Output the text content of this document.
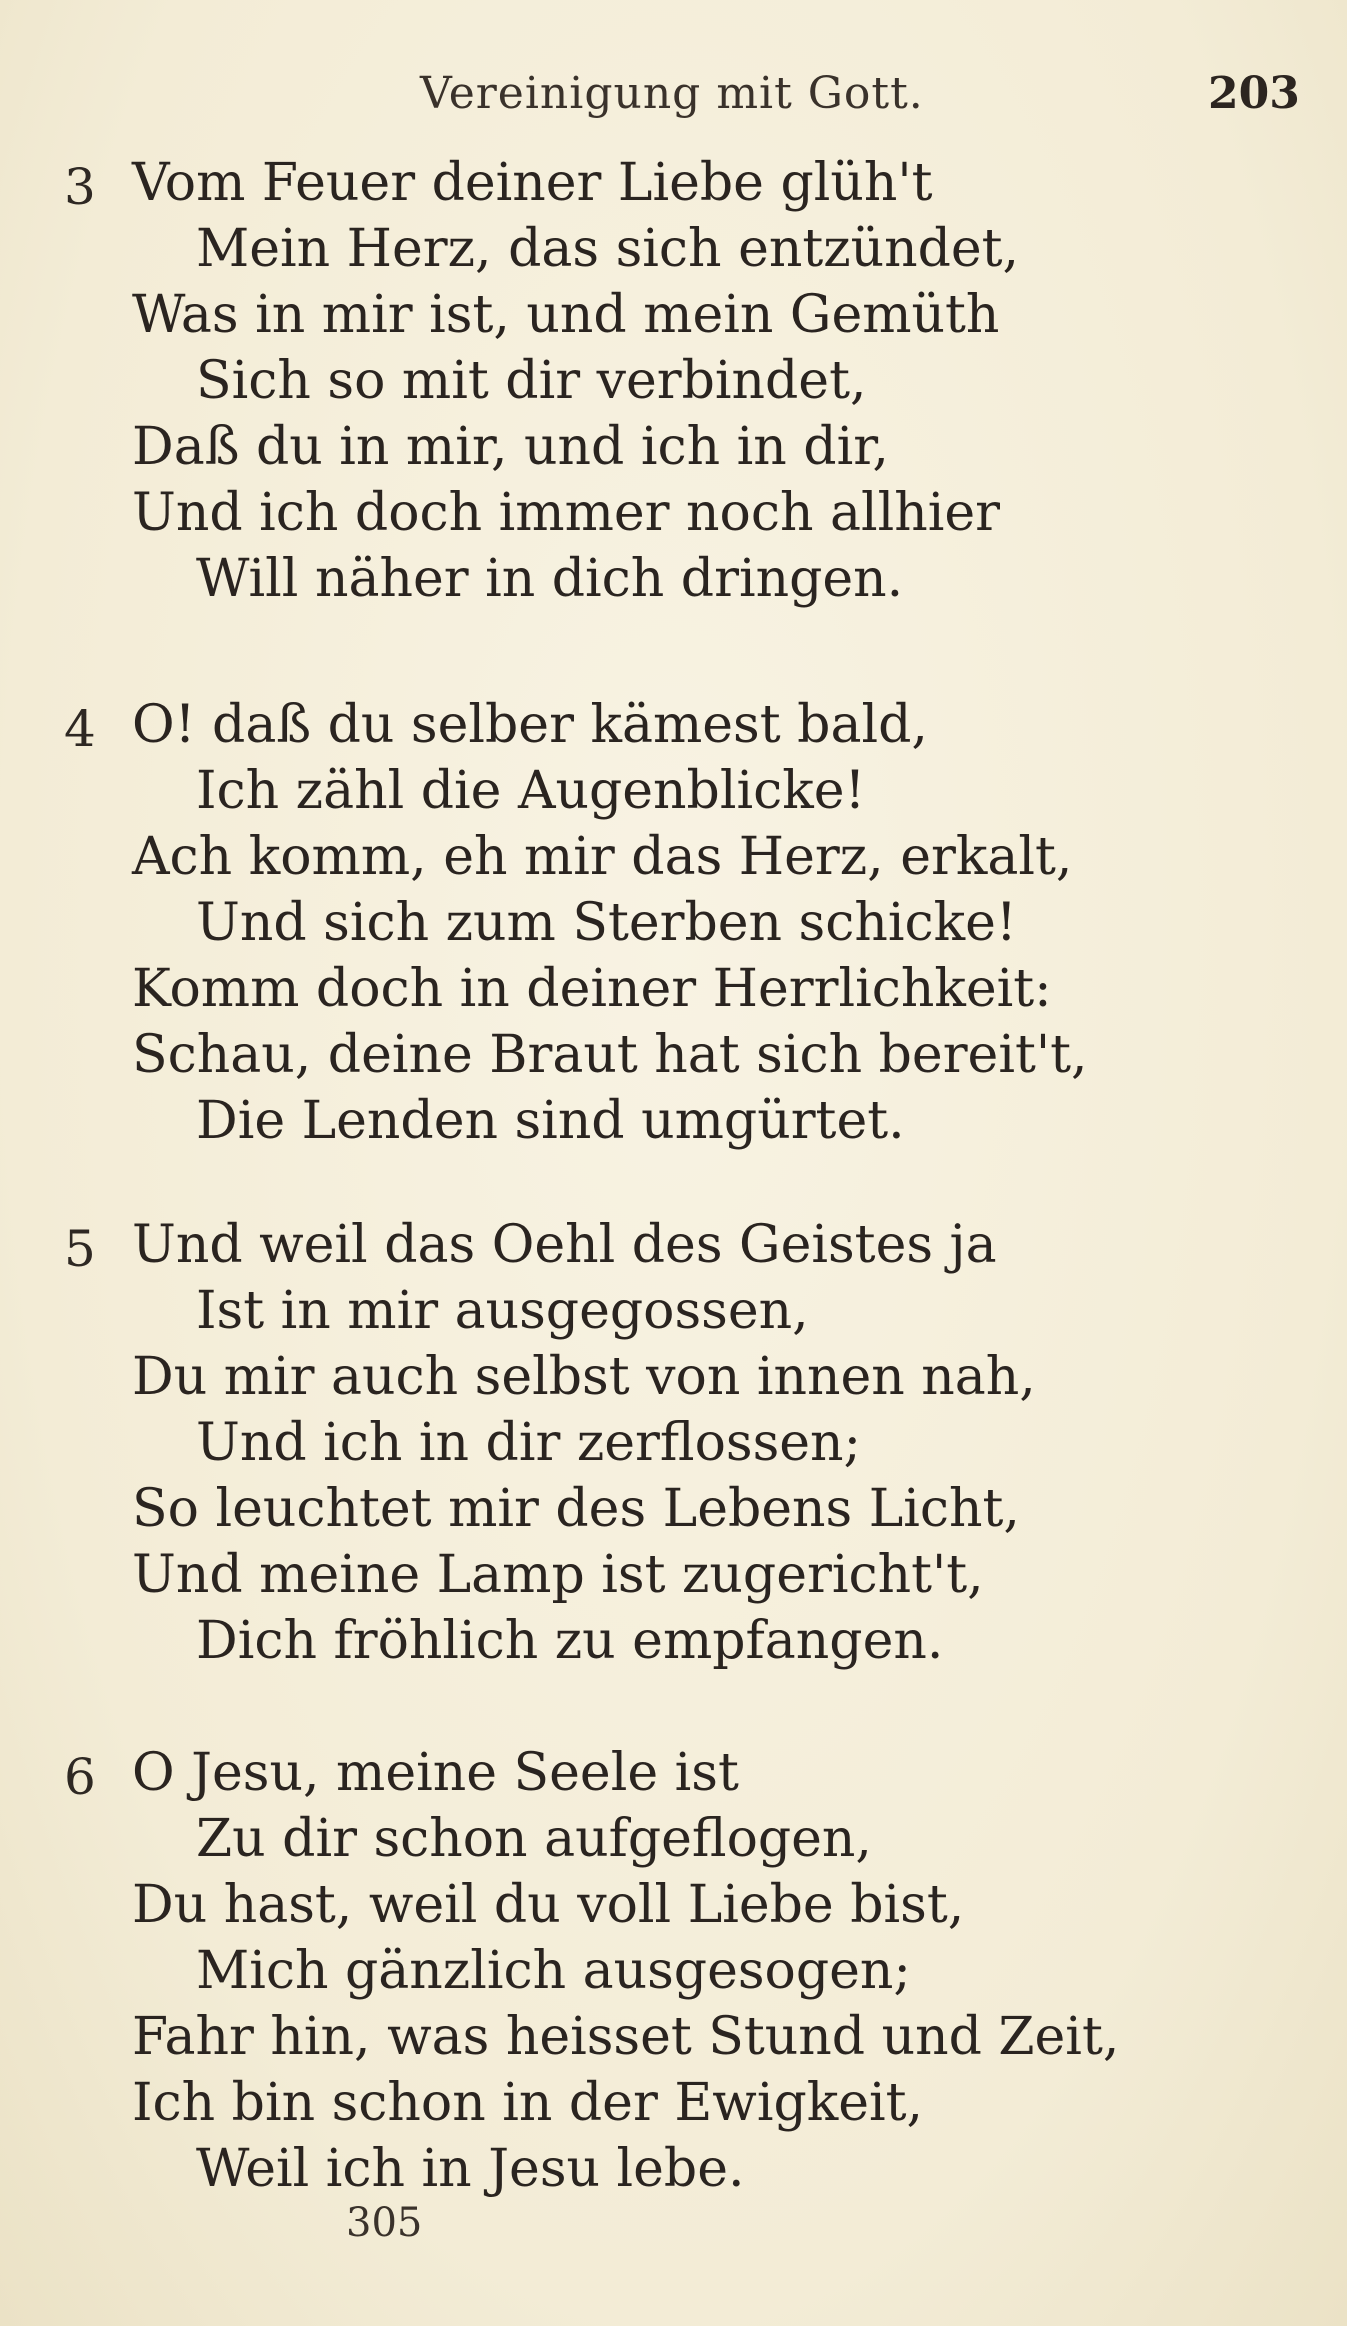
Vereinigung mit Gott.	203
3 Vom Feuer deiner Liebe glüh't
Mein Herz, das sich entzündet,
Was in mir ist, und mein Gemüth
Sich so mit dir verbindet,
Daß du in mir, und ich in dir,
Und ich doch immer noch allhier
Will näher in dich dringen.
4 O! daß du selber kämest bald,
Ich zähl die Augenblicke!
Ach komm, eh mir das Herz, erkalt,
Und sich zum Sterben schicke!
Komm doch in deiner Herrlichkeit:
Schau, deine Braut hat sich bereit't,
Die Lenden sind umgürtet.
5 Und weil das Oehl des Geistes ja
Ist in mir ausgegossen,
Du mir auch selbst von innen nah,
Und ich in dir zerflossen;
So leuchtet mir des Lebens Licht,
Und meine Lamp ist zugericht't,
Dich fröhlich zu empfangen.
6 O Jesu, meine Seele ist
Zu dir schon aufgeflogen,
Du hast, weil du voll Liebe bist,
Mich gänzlich ausgesogen;
Fahr hin, was heisset Stund und Zeit,
Ich bin schon in der Ewigkeit,
Weil ich in Jesu lebe.
305
